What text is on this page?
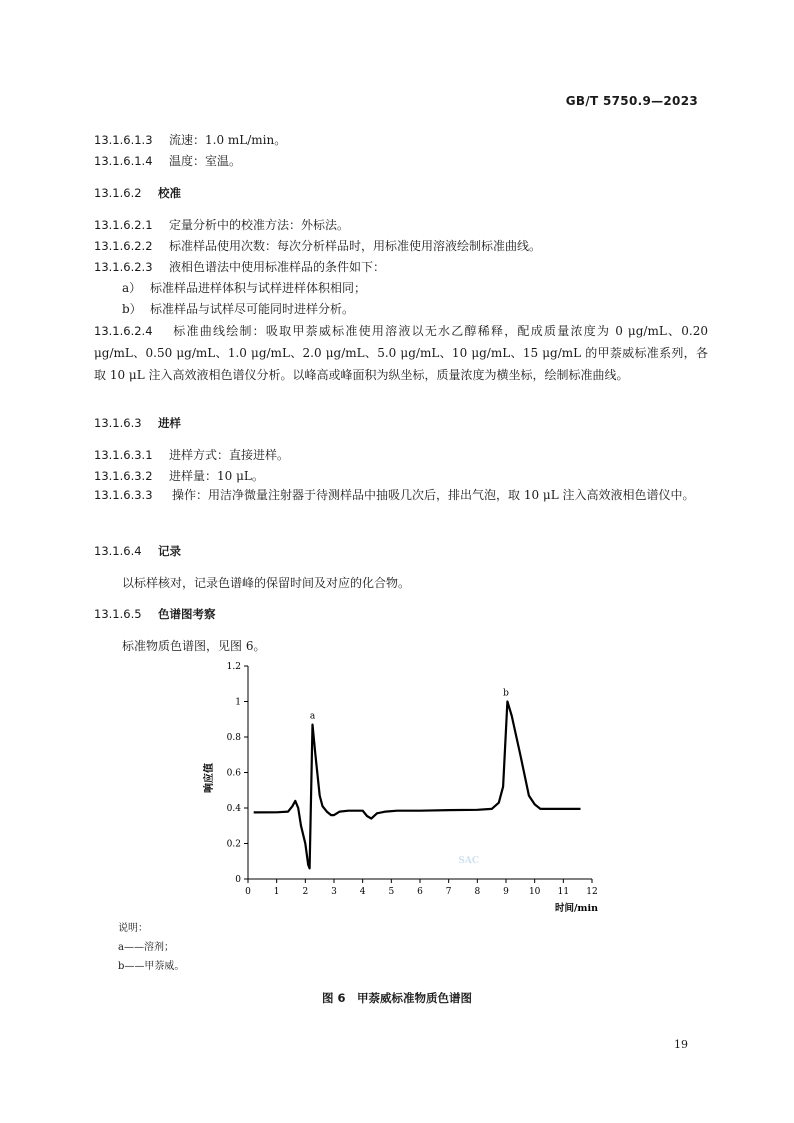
GB/T 5750.9—2023
13.1.6.1.3 流速：1.0 mL/min。
13.1.6.1.4 温度：室温。
13.1.6.2 校准
13.1.6.2.1 定量分析中的校准方法：外标法。
13.1.6.2.2 标准样品使用次数：每次分析样品时，用标准使用溶液绘制标准曲线。
13.1.6.2.3 液相色谱法中使用标准样品的条件如下：
a） 标准样品进样体积与试样进样体积相同；
b） 标准样品与试样尽可能同时进样分析。
13.1.6.2.4 标准曲线绘制：吸取甲萘威标准使用溶液以无水乙醇稀释，配成质量浓度为 0 μg/mL、0.20 μg/mL、0.50 μg/mL、1.0 μg/mL、2.0 μg/mL、5.0 μg/mL、10 μg/mL、15 μg/mL 的甲萘威标准系列，各取 10 μL 注入高效液相色谱仪分析。以峰高或峰面积为纵坐标，质量浓度为横坐标，绘制标准曲线。
13.1.6.3 进样
13.1.6.3.1 进样方式：直接进样。
13.1.6.3.2 进样量：10 μL。
13.1.6.3.3 操作：用洁净微量注射器于待测样品中抽吸几次后，排出气泡，取 10 μL 注入高效液相色谱仪中。
13.1.6.4 记录
以标样核对，记录色谱峰的保留时间及对应的化合物。
13.1.6.5 色谱图考察
标准物质色谱图，见图 6。
0	1	2	3	4	5	6	7	8	9 10 11 12
0
0.2
0.4
0.6
0.8
1
1.2
SAC
a
b
响应值
时间/min
说明：
a——溶剂；
b——甲萘威。
图 6　甲萘威标准物质色谱图
19
